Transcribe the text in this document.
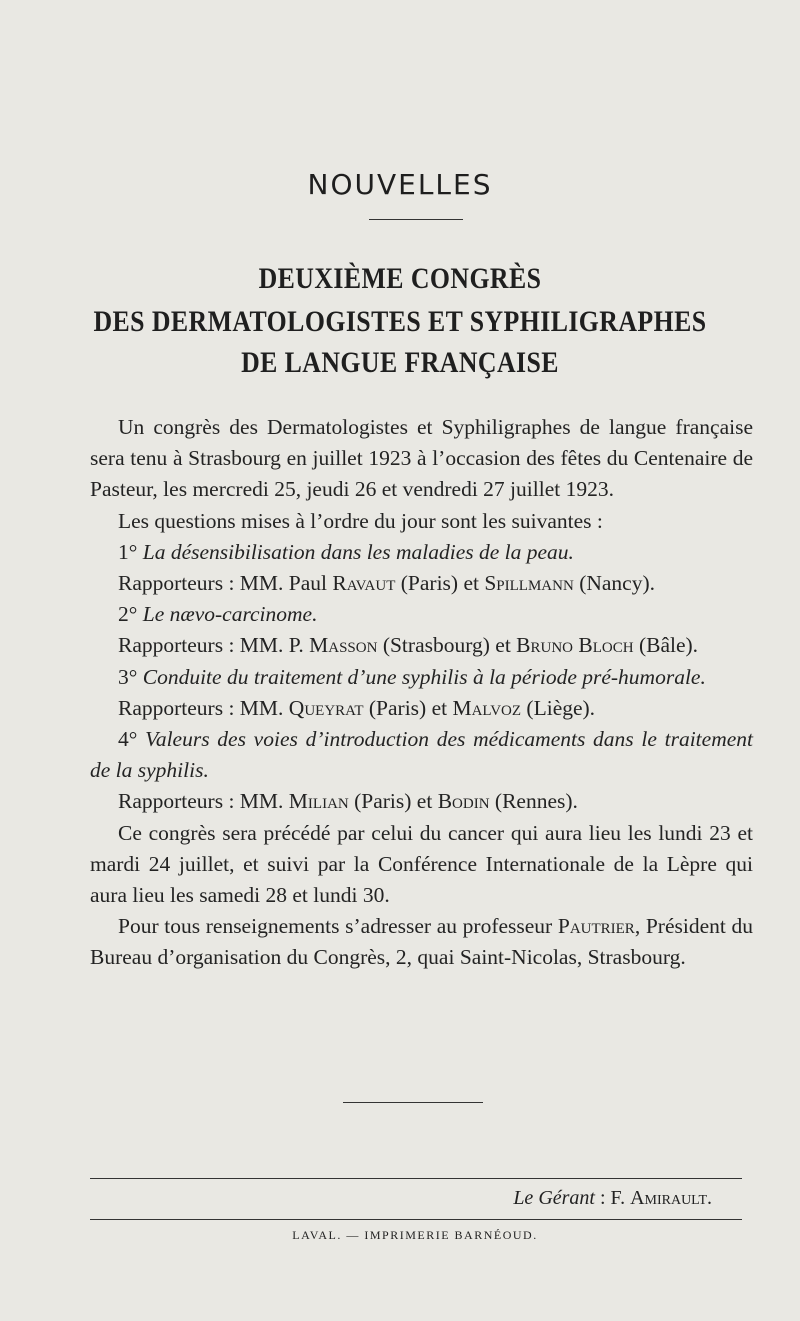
NOUVELLES
DEUXIÈME CONGRÈS
DES DERMATOLOGISTES ET SYPHILIGRAPHES
DE LANGUE FRANÇAISE

Un congrès des Dermatologistes et Syphiligraphes de langue française sera tenu à Strasbourg en juillet 1923 à l’occasion des fêtes du Centenaire de Pasteur, les mercredi 25, jeudi 26 et vendredi 27 juillet 1923.

Les questions mises à l’ordre du jour sont les suivantes :

1° La désensibilisation dans les maladies de la peau.

Rapporteurs : MM. Paul Ravaut (Paris) et Spillmann (Nancy).

2° Le nævo-carcinome.

Rapporteurs : MM. P. Masson (Strasbourg) et Bruno Bloch (Bâle).

3° Conduite du traitement d’une syphilis à la période pré-humorale.

Rapporteurs : MM. Queyrat (Paris) et Malvoz (Liège).

4° Valeurs des voies d’introduction des médicaments dans le traitement de la syphilis.

Rapporteurs : MM. Milian (Paris) et Bodin (Rennes).

Ce congrès sera précédé par celui du cancer qui aura lieu les lundi 23 et mardi 24 juillet, et suivi par la Conférence Internationale de la Lèpre qui aura lieu les samedi 28 et lundi 30.

Pour tous renseignements s’adresser au professeur Pautrier, Président du Bureau d’organisation du Congrès, 2, quai Saint-Nicolas, Strasbourg.

Le Gérant : F. Amirault.
LAVAL. — IMPRIMERIE BARNÉOUD.
